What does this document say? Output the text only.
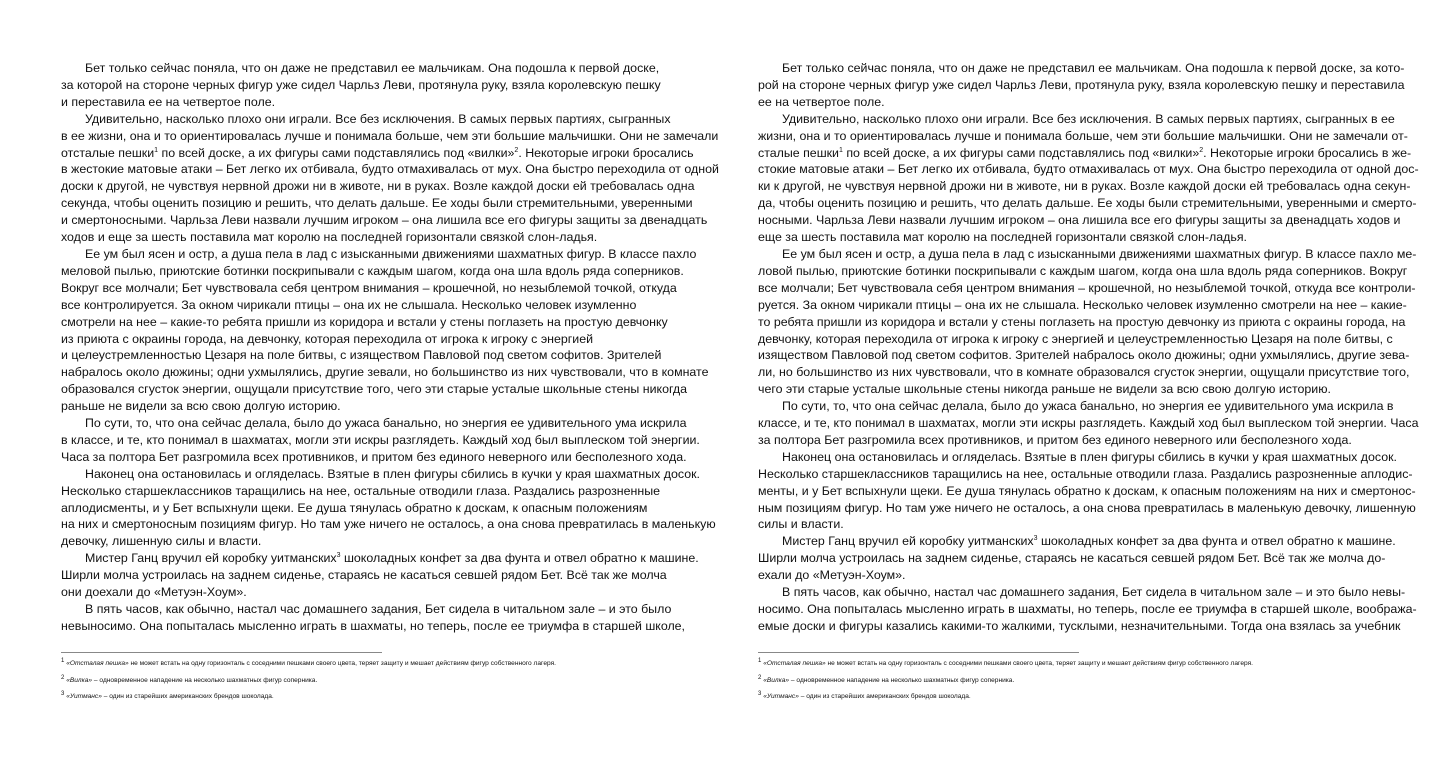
Бет только сейчас поняла, что он даже не представил ее мальчикам. Она подошла к первой доске,
за которой на стороне черных фигур уже сидел Чарльз Леви, протянула руку, взяла королевскую пешку
и переставила ее на четвертое поле.

Удивительно, насколько плохо они играли. Все без исключения. В самых первых партиях, сыгранных
в ее жизни, она и то ориентировалась лучше и понимала больше, чем эти большие мальчишки. Они не замечали
отсталые пешки$^1$ по всей доске, а их фигуры сами подставлялись под «вилки»$^2$. Некоторые игроки бросались
в жестокие матовые атаки – Бет легко их отбивала, будто отмахивалась от мух. Она быстро переходила от одной
доски к другой, не чувствуя нервной дрожи ни в животе, ни в руках. Возле каждой доски ей требовалась одна
секунда, чтобы оценить позицию и решить, что делать дальше. Ее ходы были стремительными, уверенными
и смертоносными. Чарльза Леви назвали лучшим игроком – она лишила все его фигуры защиты за двенадцать
ходов и еще за шесть поставила мат королю на последней горизонтали связкой слон-ладья.

Ее ум был ясен и остр, а душа пела в лад с изысканными движениями шахматных фигур. В классе пахло
меловой пылью, приютские ботинки поскрипывали с каждым шагом, когда она шла вдоль ряда соперников.
Вокруг все молчали; Бет чувствовала себя центром внимания – крошечной, но незыблемой точкой, откуда
все контролируется. За окном чирикали птицы – она их не слышала. Несколько человек изумленно
смотрели на нее – какие-то ребята пришли из коридора и встали у стены поглазеть на простую девчонку
из приюта с окраины города, на девчонку, которая переходила от игрока к игроку с энергией
и целеустремленностью Цезаря на поле битвы, с изяществом Павловой под светом софитов. Зрителей
набралось около дюжины; одни ухмылялись, другие зевали, но большинство из них чувствовали, что в комнате
образовался сгусток энергии, ощущали присутствие того, чего эти старые усталые школьные стены никогда
раньше не видели за всю свою долгую историю.

По сути, то, что она сейчас делала, было до ужаса банально, но энергия ее удивительного ума искрила
в классе, и те, кто понимал в шахматах, могли эти искры разглядеть. Каждый ход был выплеском той энергии.
Часа за полтора Бет разгромила всех противников, и притом без единого неверного или бесполезного хода.

Наконец она остановилась и огляделась. Взятые в плен фигуры сбились в кучки у края шахматных досок.
Несколько старшеклассников таращились на нее, остальные отводили глаза. Раздались разрозненные
аплодисменты, и у Бет вспыхнули щеки. Ее душа тянулась обратно к доскам, к опасным положениям
на них и смертоносным позициям фигур. Но там уже ничего не осталось, а она снова превратилась в маленькую
девочку, лишенную силы и власти.

Мистер Ганц вручил ей коробку уитманских$^3$ шоколадных конфет за два фунта и отвел обратно к машине.
Ширли молча устроилась на заднем сиденье, стараясь не касаться севшей рядом Бет. Всё так же молча
они доехали до «Метуэн-Хоум».

В пять часов, как обычно, настал час домашнего задания, Бет сидела в читальном зале – и это было
невыносимо. Она попыталась мысленно играть в шахматы, но теперь, после ее триумфа в старшей школе,

Бет только сейчас поняла, что он даже не представил ее мальчикам. Она подошла к первой доске, за кото-
рой на стороне черных фигур уже сидел Чарльз Леви, протянула руку, взяла королевскую пешку и переставила
ее на четвертое поле.

Удивительно, насколько плохо они играли. Все без исключения. В самых первых партиях, сыгранных в ее
жизни, она и то ориентировалась лучше и понимала больше, чем эти большие мальчишки. Они не замечали от-
сталые пешки$^1$ по всей доске, а их фигуры сами подставлялись под «вилки»$^2$. Некоторые игроки бросались в же-
стокие матовые атаки – Бет легко их отбивала, будто отмахивалась от мух. Она быстро переходила от одной дос-
ки к другой, не чувствуя нервной дрожи ни в животе, ни в руках. Возле каждой доски ей требовалась одна секун-
да, чтобы оценить позицию и решить, что делать дальше. Ее ходы были стремительными, уверенными и смерто-
носными. Чарльза Леви назвали лучшим игроком – она лишила все его фигуры защиты за двенадцать ходов и
еще за шесть поставила мат королю на последней горизонтали связкой слон-ладья.

Ее ум был ясен и остр, а душа пела в лад с изысканными движениями шахматных фигур. В классе пахло ме-
ловой пылью, приютские ботинки поскрипывали с каждым шагом, когда она шла вдоль ряда соперников. Вокруг
все молчали; Бет чувствовала себя центром внимания – крошечной, но незыблемой точкой, откуда все контроли-
руется. За окном чирикали птицы – она их не слышала. Несколько человек изумленно смотрели на нее – какие-
то ребята пришли из коридора и встали у стены поглазеть на простую девчонку из приюта с окраины города, на
девчонку, которая переходила от игрока к игроку с энергией и целеустремленностью Цезаря на поле битвы, с
изяществом Павловой под светом софитов. Зрителей набралось около дюжины; одни ухмылялись, другие зева-
ли, но большинство из них чувствовали, что в комнате образовался сгусток энергии, ощущали присутствие того,
чего эти старые усталые школьные стены никогда раньше не видели за всю свою долгую историю.

По сути, то, что она сейчас делала, было до ужаса банально, но энергия ее удивительного ума искрила в
классе, и те, кто понимал в шахматах, могли эти искры разглядеть. Каждый ход был выплеском той энергии. Часа
за полтора Бет разгромила всех противников, и притом без единого неверного или бесполезного хода.

Наконец она остановилась и огляделась. Взятые в плен фигуры сбились в кучки у края шахматных досок.
Несколько старшеклассников таращились на нее, остальные отводили глаза. Раздались разрозненные аплодис-
менты, и у Бет вспыхнули щеки. Ее душа тянулась обратно к доскам, к опасным положениям на них и смертонос-
ным позициям фигур. Но там уже ничего не осталось, а она снова превратилась в маленькую девочку, лишенную
силы и власти.

Мистер Ганц вручил ей коробку уитманских$^3$ шоколадных конфет за два фунта и отвел обратно к машине.
Ширли молча устроилась на заднем сиденье, стараясь не касаться севшей рядом Бет. Всё так же молча до-
ехали до «Метуэн-Хоум».

В пять часов, как обычно, настал час домашнего задания, Бет сидела в читальном зале – и это было невы-
носимо. Она попыталась мысленно играть в шахматы, но теперь, после ее триумфа в старшей школе, вообража-
емые доски и фигуры казались какими-то жалкими, тусклыми, незначительными. Тогда она взялась за учебник

$^1$ «Отсталая пешка» не может встать на одну горизонталь с соседними пешками своего цвета, теряет защиту и мешает действиям фигур собственного лагеря.

$^2$ «Вилка» – одновременное нападение на несколько шахматных фигур соперника.

$^3$ «Уитманс» – один из старейших американских брендов шоколада.

$^1$ «Отсталая пешка» не может встать на одну горизонталь с соседними пешками своего цвета, теряет защиту и мешает действиям фигур собственного лагеря.

$^2$ «Вилка» – одновременное нападение на несколько шахматных фигур соперника.

$^3$ «Уитманс» – один из старейших американских брендов шоколада.
